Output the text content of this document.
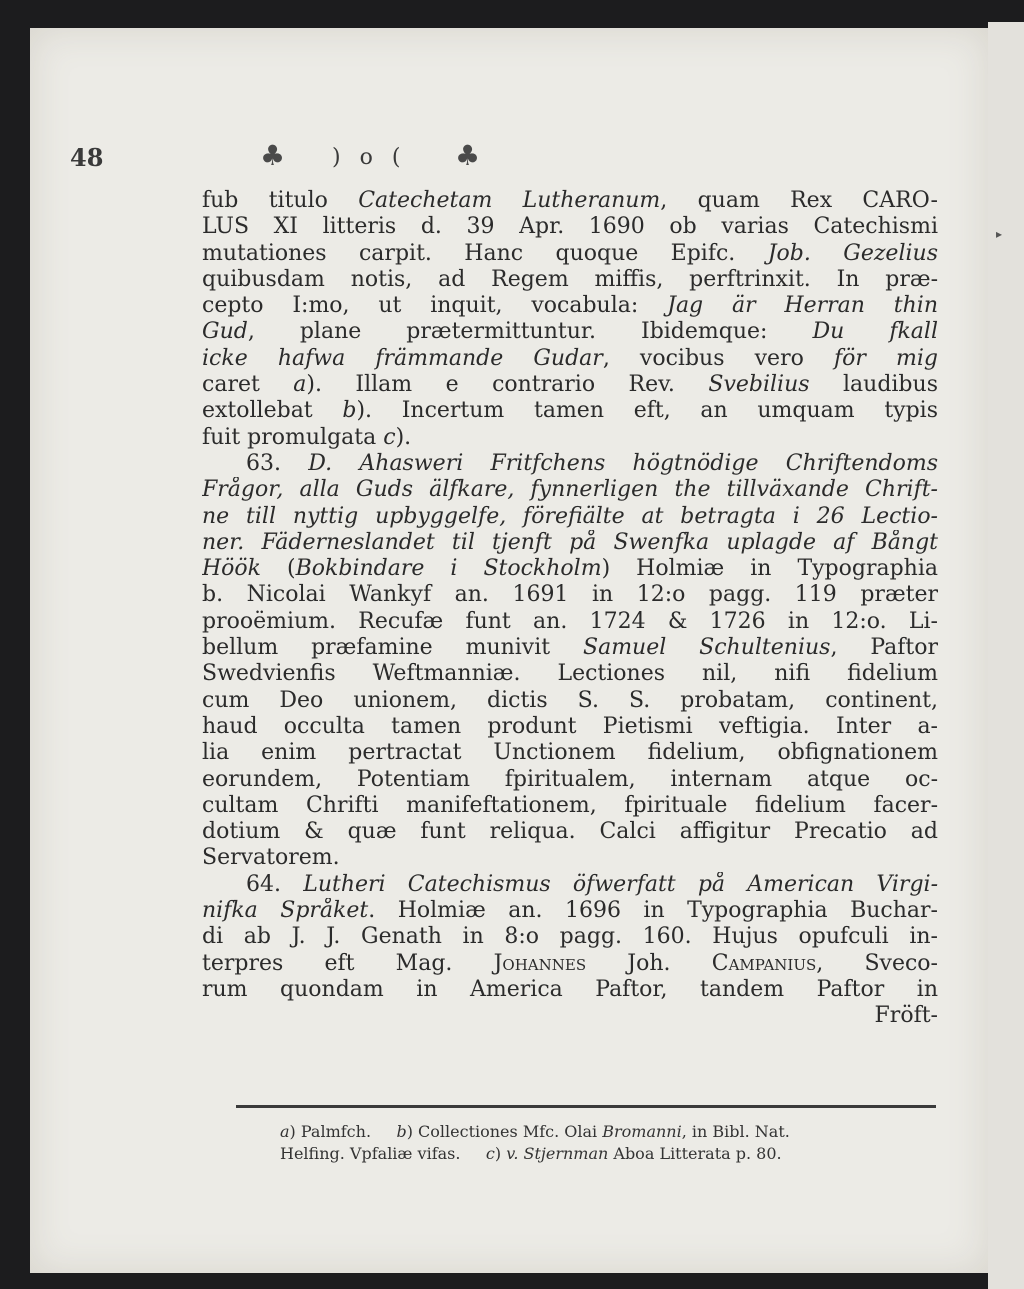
▸
48	♣ ) o ( ♣
fub titulo Catechetam Lutheranum, quam Rex CARO-
LUS XI litteris d. 39 Apr. 1690 ob varias Catechismi
mutationes carpit. Hanc quoque Epifc. Job. Gezelius
quibusdam notis, ad Regem miffis, perftrinxit. In præ-
cepto I:mo, ut inquit, vocabula: Jag är Herran thin
Gud, plane prætermittuntur. Ibidemque: Du fkall
icke hafwa främmande Gudar, vocibus vero för mig
caret a). Illam e contrario Rev. Svebilius laudibus
extollebat b). Incertum tamen eft, an umquam typis
fuit promulgata c).
63. D. Ahasweri Fritfchens högtnödige Chriftendoms
Frågor, alla Guds älfkare, fynnerligen the tillväxande Chrift-
ne till nyttig upbyggelfe, förefiälte at betragta i 26 Lectio-
ner. Fäderneslandet til tjenft på Swenfka uplagde af Bångt
Höök (Bokbindare i Stockholm) Holmiæ in Typographia
b. Nicolai Wankyf an. 1691 in 12:o pagg. 119 præter
prooëmium. Recufæ funt an. 1724 & 1726 in 12:o. Li-
bellum præfamine munivit Samuel Schultenius, Paftor
Swedvienfis Weftmanniæ. Lectiones nil, nifi fidelium
cum Deo unionem, dictis S. S. probatam, continent,
haud occulta tamen produnt Pietismi veftigia. Inter a-
lia enim pertractat Unctionem fidelium, obfignationem
eorundem, Potentiam fpiritualem, internam atque oc-
cultam Chrifti manifeftationem, fpirituale fidelium facer-
dotium & quæ funt reliqua. Calci affigitur Precatio ad
Servatorem.
64. Lutheri Catechismus öfwerfatt på American Virgi-
nifka Språket. Holmiæ an. 1696 in Typographia Buchar-
di ab J. J. Genath in 8:o pagg. 160. Hujus opufculi in-
terpres eft Mag. Johannes Joh. Campanius, Sveco-
rum quondam in America Paftor, tandem Paftor in
Fröft-
a) Palmfch.     b) Collectiones Mfc. Olai Bromanni, in Bibl. Nat.
Helfing. Vpfaliæ vifas.     c) v. Stjernman Aboa Litterata p. 80.
